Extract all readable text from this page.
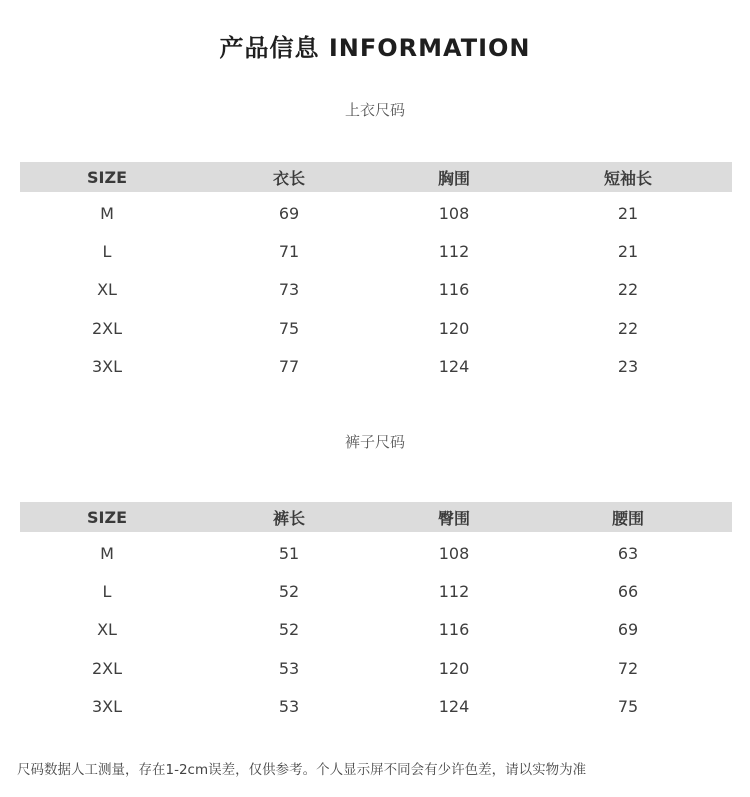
产品信息 INFORMATION
上衣尺码
SIZE	衣长	胸围	短袖长
M	69	108	21
L	71	112	21
XL	73	116	22
2XL	75	120	22
3XL	77	124	23
裤子尺码
SIZE	裤长	臀围	腰围
M	51	108	63
L	52	112	66
XL	52	116	69
2XL	53	120	72
3XL	53	124	75
尺码数据人工测量，存在1-2cm误差，仅供参考。个人显示屏不同会有少许色差，请以实物为准
